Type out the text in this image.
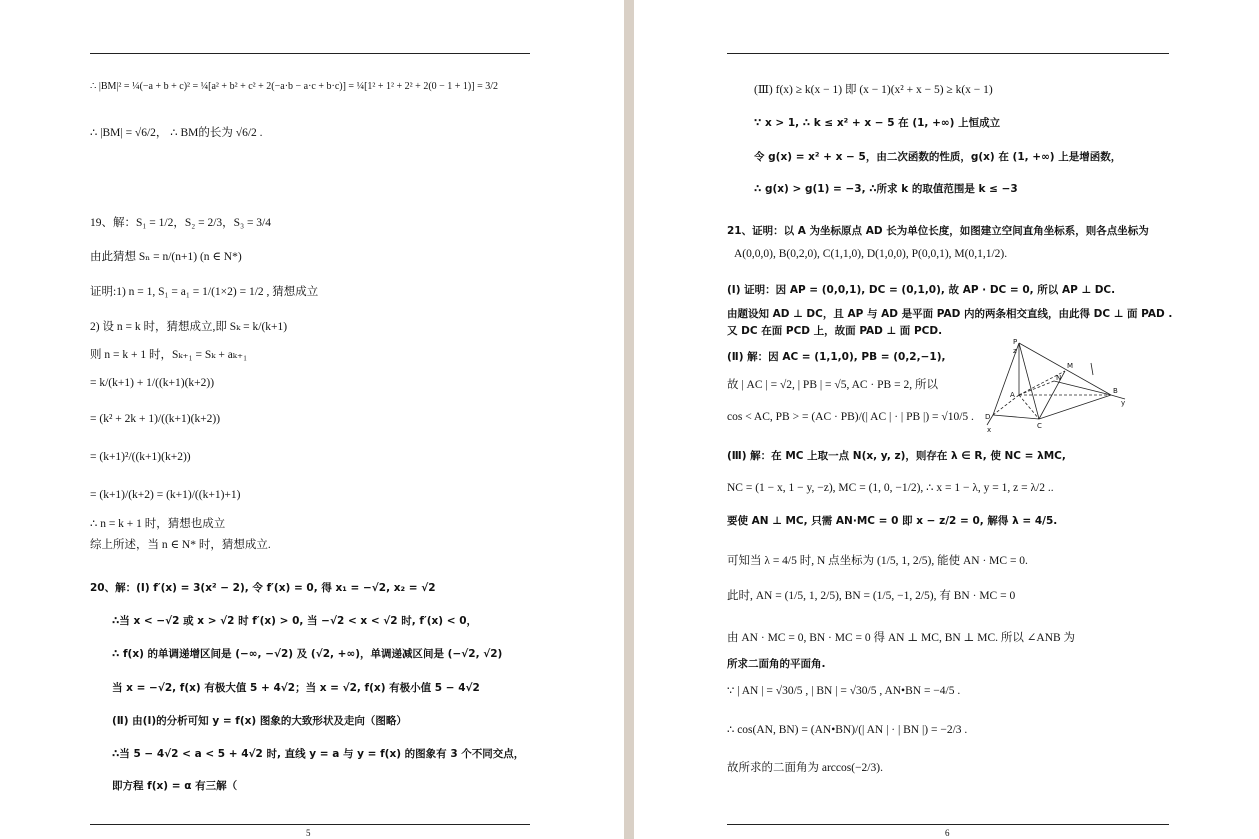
∴ |BM|² = ¼(−a + b + c)² = ¼[a² + b² + c² + 2(−a·b − a·c + b·c)] = ¼[1² + 1² + 2² + 2(0 − 1 + 1)] = 3/2
∴ |BM| = √6/2， ∴ BM的长为 √6/2 .
19、解：S₁ = 1/2，S₂ = 2/3，S₃ = 3/4
由此猜想 Sₙ = n/(n+1) (n ∈ N*)
证明:1) n = 1, S₁ = a₁ = 1/(1×2) = 1/2 , 猜想成立
2) 设 n = k 时，猜想成立,即 Sₖ = k/(k+1)
则 n = k + 1 时，Sₖ₊₁ = Sₖ + aₖ₊₁
= k/(k+1) + 1/((k+1)(k+2))
= (k² + 2k + 1)/((k+1)(k+2))
= (k+1)²/((k+1)(k+2))
= (k+1)/(k+2) = (k+1)/((k+1)+1)
∴ n = k + 1 时，猜想也成立
综上所述，当 n ∈ N* 时，猜想成立.
20、解：(Ⅰ) f′(x) = 3(x² − 2), 令 f′(x) = 0, 得 x₁ = −√2, x₂ = √2
∴当 x < −√2 或 x > √2 时 f′(x) > 0, 当 −√2 < x < √2 时, f′(x) < 0，
∴ f(x) 的单调递增区间是 (−∞, −√2) 及 (√2, +∞)，单调递减区间是 (−√2, √2)
当 x = −√2, f(x) 有极大值 5 + 4√2；当 x = √2, f(x) 有极小值 5 − 4√2
(Ⅱ) 由(Ⅰ)的分析可知 y = f(x) 图象的大致形状及走向（图略）
∴当 5 − 4√2 < a < 5 + 4√2 时, 直线 y = a 与 y = f(x) 的图象有 3 个不同交点，
即方程 f(x) = α 有三解（
5
(Ⅲ) f(x) ≥ k(x − 1) 即 (x − 1)(x² + x − 5) ≥ k(x − 1)
∵ x > 1, ∴ k ≤ x² + x − 5 在 (1, +∞) 上恒成立
令 g(x) = x² + x − 5，由二次函数的性质，g(x) 在 (1, +∞) 上是增函数，
∴ g(x) > g(1) = −3, ∴所求 k 的取值范围是 k ≤ −3
21、证明：以 A 为坐标原点 AD 长为单位长度，如图建立空间直角坐标系，则各点坐标为
A(0,0,0), B(0,2,0), C(1,1,0), D(1,0,0), P(0,0,1), M(0,1,1/2).
(Ⅰ) 证明：因 AP = (0,0,1), DC = (0,1,0), 故 AP · DC = 0, 所以 AP ⊥ DC.
由题设知 AD ⊥ DC，且 AP 与 AD 是平面 PAD 内的两条相交直线，由此得 DC ⊥ 面 PAD .
又 DC 在面 PCD 上，故面 PAD ⊥ 面 PCD.
(Ⅱ) 解：因 AC = (1,1,0), PB = (0,2,−1),
故 | AC | = √2, | PB | = √5, AC · PB = 2, 所以
cos < AC, PB > = (AC · PB)/(| AC | · | PB |) = √10/5 .
P
M
N
A	B
D
C
x
y
z
(Ⅲ) 解：在 MC 上取一点 N(x, y, z)，则存在 λ ∈ R, 使 NC = λMC,
NC = (1 − x, 1 − y, −z), MC = (1, 0, −1/2), ∴ x = 1 − λ, y = 1, z = λ/2 ..
要使 AN ⊥ MC, 只需 AN·MC = 0 即 x − z/2 = 0, 解得 λ = 4/5.
可知当 λ = 4/5 时, N 点坐标为 (1/5, 1, 2/5), 能使 AN · MC = 0.
此时, AN = (1/5, 1, 2/5), BN = (1/5, −1, 2/5), 有 BN · MC = 0
由 AN · MC = 0, BN · MC = 0 得 AN ⊥ MC, BN ⊥ MC. 所以 ∠ANB 为
所求二面角的平面角.
∵ | AN | = √30/5 , | BN | = √30/5 , AN•BN = −4/5 .
∴ cos(AN, BN) = (AN•BN)/(| AN | · | BN |) = −2/3 .
故所求的二面角为 arccos(−2/3).
6
